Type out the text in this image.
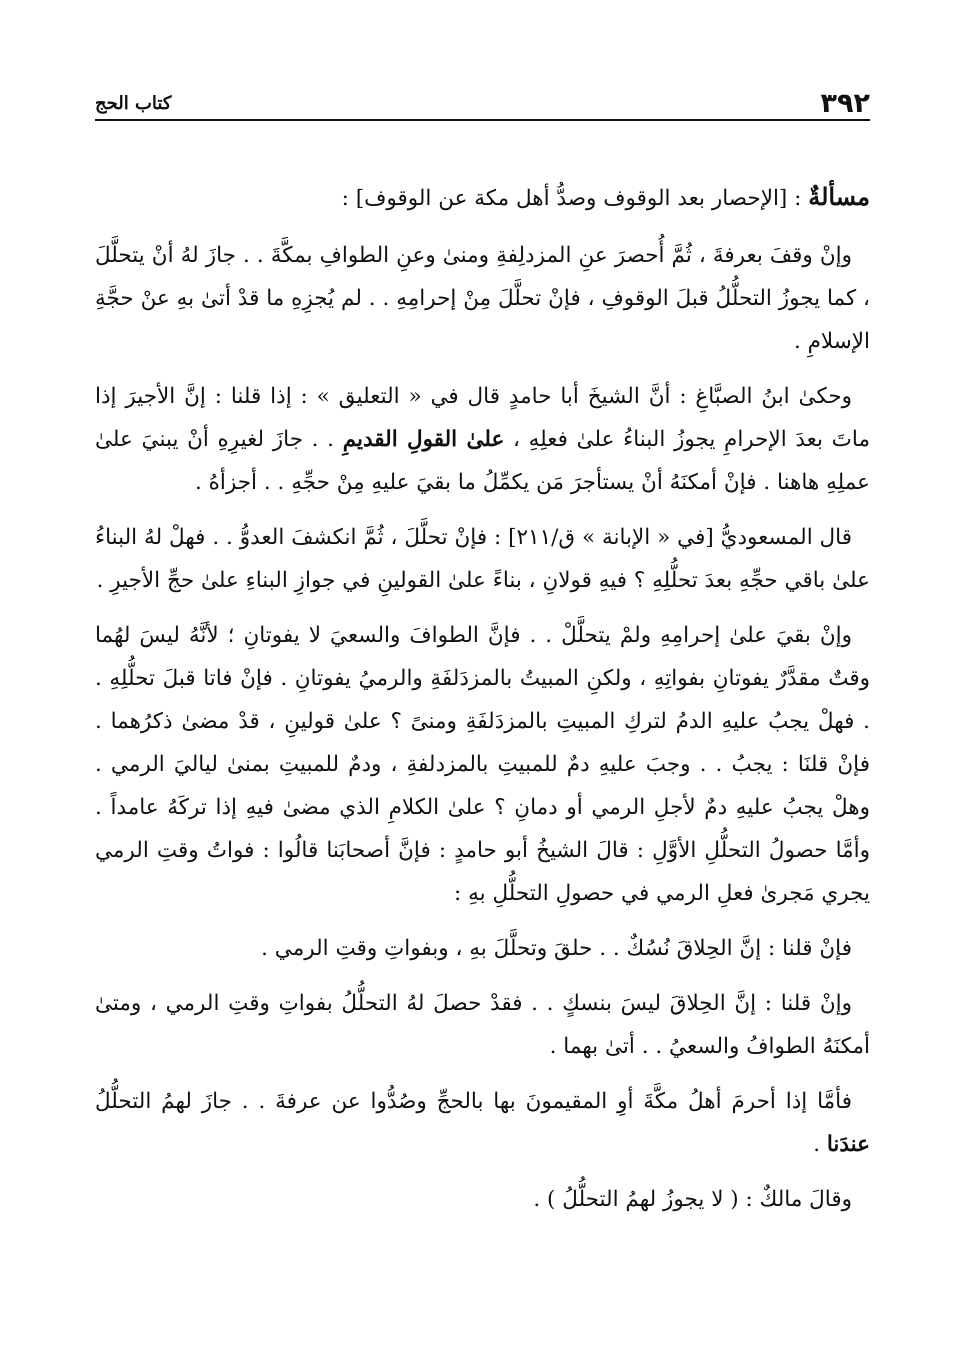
٣٩٢
كتاب الحج

مسألةٌ : [الإحصار بعد الوقوف وصدُّ أهل مكة عن الوقوف] :

وإنْ وقفَ بعرفةَ ، ثُمَّ أُحصرَ عنِ المزدلِفةِ ومنىٰ وعنِ الطوافِ بمكَّةَ . . جازَ لهُ أنْ يتحلَّلَ ، كما يجوزُ التحلُّلُ قبلَ الوقوفِ ، فإنْ تحلَّلَ مِنْ إحرامِهِ . . لم يُجزِهِ ما قدْ أتىٰ بهِ عنْ حجَّةِ الإسلامِ .

وحكىٰ ابنُ الصبَّاغِ : أنَّ الشيخَ أبا حامدٍ قال في « التعليق » : إذا قلنا : إنَّ الأجيرَ إذا ماتَ بعدَ الإحرامِ يجوزُ البناءُ علىٰ فعلِهِ ، علىٰ القولِ القديمِ . . جازَ لغيرِهِ أنْ يبنيَ علىٰ عملِهِ هاهنا . فإنْ أمكنَهُ أنْ يستأجرَ مَن يكمِّلُ ما بقيَ عليهِ مِنْ حجِّهِ . . أجزأهُ .

قال المسعوديُّ [في « الإبانة » ق/٢١١] : فإنْ تحلَّلَ ، ثُمَّ انكشفَ العدوُّ . . فهلْ لهُ البناءُ علىٰ باقي حجِّهِ بعدَ تحلُّلِهِ ؟ فيهِ قولانِ ، بناءً علىٰ القولينِ في جوازِ البناءِ علىٰ حجِّ الأجيرِ .

وإنْ بقيَ علىٰ إحرامِهِ ولمْ يتحلَّلْ . . فإنَّ الطوافَ والسعيَ لا يفوتانِ ؛ لأنَّهُ ليسَ لهُما وقتٌ مقدَّرٌ يفوتانِ بفواتِهِ ، ولكنِ المبيتُ بالمزدَلفَةِ والرميُ يفوتانِ . فإنْ فاتا قبلَ تحلُّلِهِ . . فهلْ يجبُ عليهِ الدمُ لتركِ المبيتِ بالمزدَلفَةِ ومنىً ؟ علىٰ قولينِ ، قدْ مضىٰ ذكرُهما . فإنْ قلنَا : يجبُ . . وجبَ عليهِ دمٌ للمبيتِ بالمزدلفةِ ، ودمٌ للمبيتِ بمنىٰ لياليَ الرمي . وهلْ يجبُ عليهِ دمٌ لأجلِ الرمي أو دمانِ ؟ علىٰ الكلامِ الذي مضىٰ فيهِ إذا تركَهُ عامداً . وأمَّا حصولُ التحلُّلِ الأوَّلِ : قالَ الشيخُ أبو حامدٍ : فإنَّ أصحابَنا قالُوا : فواتُ وقتِ الرمي يجري مَجرىٰ فعلِ الرمي في حصولِ التحلُّلِ بهِ :

فإنْ قلنا : إنَّ الحِلاقَ نُسُكٌ . . حلقَ وتحلَّلَ بهِ ، وبفواتِ وقتِ الرمي .

وإنْ قلنا : إنَّ الحِلاقَ ليسَ بنسكٍ . . فقدْ حصلَ لهُ التحلُّلُ بفواتِ وقتِ الرمي ، ومتىٰ أمكنَهُ الطوافُ والسعيُ . . أتىٰ بهما .

فأمَّا إذا أحرمَ أهلُ مكَّةَ أوِ المقيمونَ بها بالحجِّ وصُدُّوا عن عرفةَ . . جازَ لهمُ التحلُّلُ عندَنا .

وقالَ مالكٌ : ( لا يجوزُ لهمُ التحلُّلُ ) .
